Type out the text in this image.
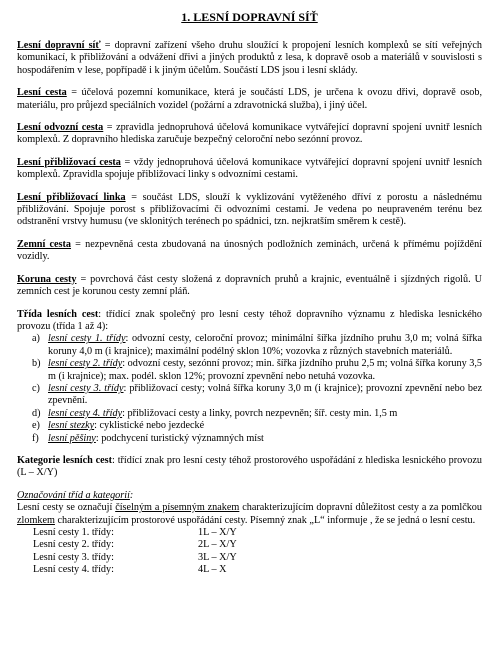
1. LESNÍ DOPRAVNÍ SÍŤ

Lesní dopravní síť = dopravní zařízení všeho druhu sloužící k propojení lesních komplexů se sítí veřejných komunikací, k přibližování a odvážení dřivi a jiných produktů z lesa, k dopravě osob a materiálů v souvislosti s hospodářením v lese, popřípadě i k jiným účelům. Součástí LDS jsou i lesní sklády.

Lesní cesta = účelová pozemní komunikace, která je součástí LDS, je určena k ovozu dřivi, dopravě osob, materiálu, pro průjezd speciálních vozidel (požární a zdravotnická služba), i jiný účel.

Lesní odvozní cesta = zpravidla jednopruhová účelová komunikace vytvářející dopravní spojení uvnitř lesních komplexů. Z dopravního hlediska zaručuje bezpečný celoroční nebo sezónní provoz.

Lesní přibližovací cesta = vždy jednopruhová účelová komunikace vytvářející dopravní spojení uvnitř lesních komplexů. Zpravidla spojuje přibližovací linky s odvozními cestami.

Lesní přibližovací linka = součást LDS, slouží k vyklizování vytěženého dříví z porostu a následnému přibližování. Spojuje porost s přibližovacími či odvozními cestami. Je vedena po neupraveném terénu bez odstranění vrstvy humusu (ve sklonitých terénech po spádnici, tzn. nejkratším směrem k cestě).

Zemní cesta = nezpevněná cesta zbudovaná na únosných podložních zeminách, určená k přímému pojíždění vozidly.

Koruna cesty = povrchová část cesty složená z dopravních pruhů a krajnic, eventuálně i sjízdných rigolů. U zemních cest je korunou cesty zemní pláň.

Třída lesních cest: třídící znak společný pro lesní cesty téhož dopravního významu z hlediska lesnického provozu (třída 1 až 4):

a) lesní cesty 1. třídy: odvozní cesty, celoroční provoz; minimální šířka jízdního pruhu 3,0 m; volná šířka koruny 4,0 m (i krajnice); maximální podélný sklon 10%; vozovka z různých stavebních materiálů.
b) lesní cesty 2. třídy: odvozní cesty, sezónní provoz; min. šířka jízdního pruhu 2,5 m; volná šířka koruny 3,5 m (i krajnice); max. podél. sklon 12%; provozní zpevnění nebo netuhá vozovka.
c) lesní cesty 3. třídy: přibližovací cesty; volná šířka koruny 3,0 m (i krajnice); provozní zpevnění nebo bez zpevnění.
d) lesní cesty 4. třídy: přibližovací cesty a linky, povrch nezpevněn; šíř. cesty min. 1,5 m
e) lesní stezky: cyklistické nebo jezdecké
f) lesní pěšiny: podchycení turistický významných míst

Kategorie lesních cest: třídící znak pro lesní cesty téhož prostorového uspořádání z hlediska lesnického provozu (L – X/Y)

Označování tříd a kategorií:

Lesní cesty se označují číselným a písemným znakem charakterizujícím dopravní důležitost cesty a za pomlčkou zlomkem charakterizujícím prostorové uspořádání cesty. Písemný znak „L“ informuje , že se jedná o lesní cestu.

Lesní cesty 1. třídy:	1L – X/Y
Lesní cesty 2. třídy:	2L – X/Y
Lesní cesty 3. třídy:	3L – X/Y
Lesní cesty 4. třídy:	4L – X
